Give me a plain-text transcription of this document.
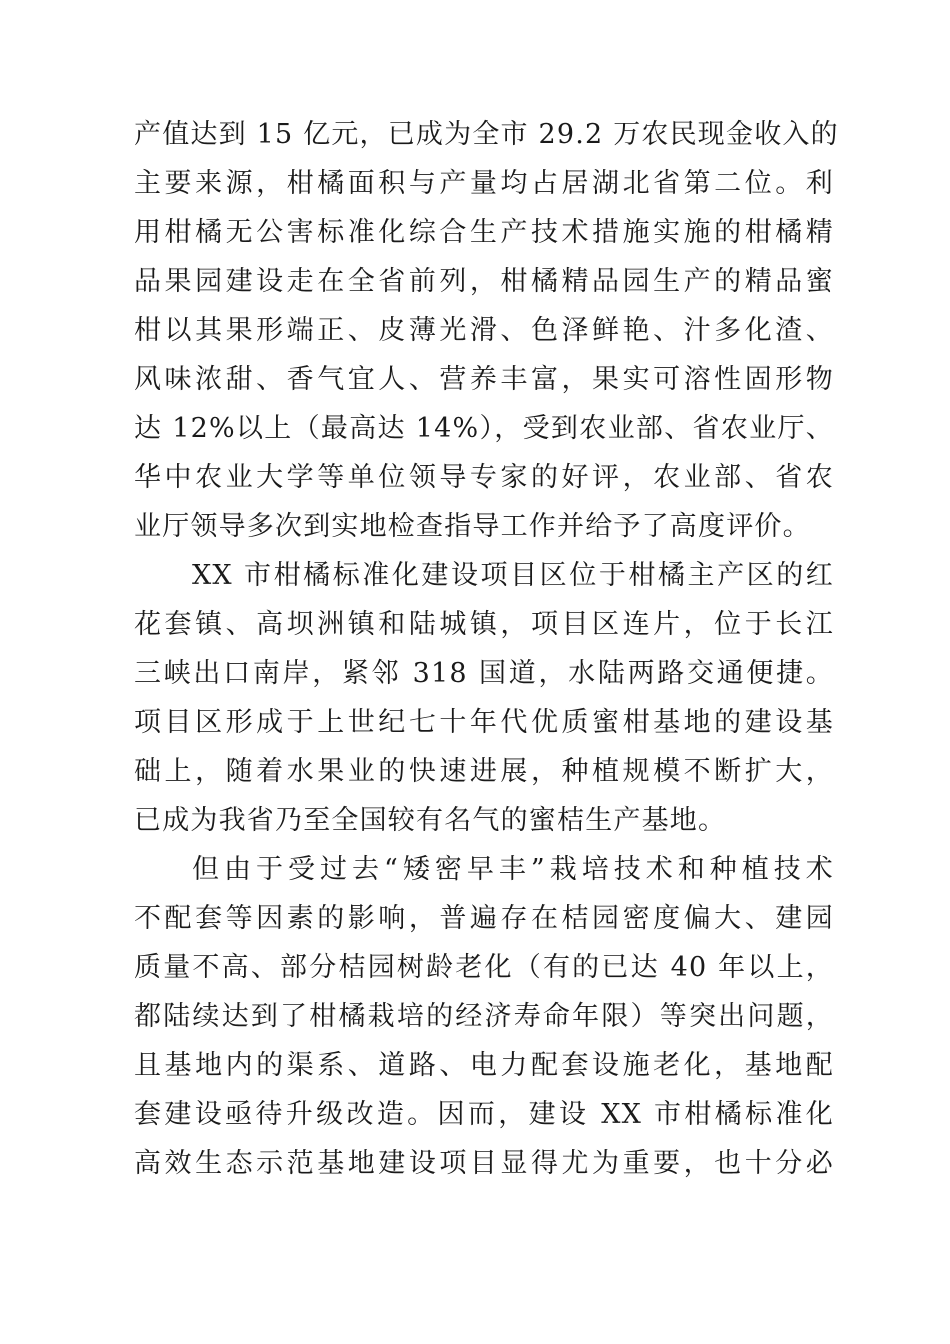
产值达到 15 亿元，已成为全市 29.2 万农民现金收入的
主要来源，柑橘面积与产量均占居湖北省第二位。利
用柑橘无公害标准化综合生产技术措施实施的柑橘精
品果园建设走在全省前列，柑橘精品园生产的精品蜜
柑以其果形端正、皮薄光滑、色泽鲜艳、汁多化渣、
风味浓甜、香气宜人、营养丰富，果实可溶性固形物
达 12%以上（最高达 14%），受到农业部、省农业厅、
华中农业大学等单位领导专家的好评，农业部、省农
业厅领导多次到实地检查指导工作并给予了高度评价。
XX 市柑橘标准化建设项目区位于柑橘主产区的红
花套镇、高坝洲镇和陆城镇，项目区连片，位于长江
三峡出口南岸，紧邻 318 国道，水陆两路交通便捷。
项目区形成于上世纪七十年代优质蜜柑基地的建设基
础上，随着水果业的快速进展，种植规模不断扩大，
已成为我省乃至全国较有名气的蜜桔生产基地。
但由于受过去“矮密早丰”栽培技术和种植技术
不配套等因素的影响，普遍存在桔园密度偏大、建园
质量不高、部分桔园树龄老化（有的已达 40 年以上，
都陆续达到了柑橘栽培的经济寿命年限）等突出问题，
且基地内的渠系、道路、电力配套设施老化，基地配
套建设亟待升级改造。因而，建设 XX 市柑橘标准化
高效生态示范基地建设项目显得尤为重要，也十分必
